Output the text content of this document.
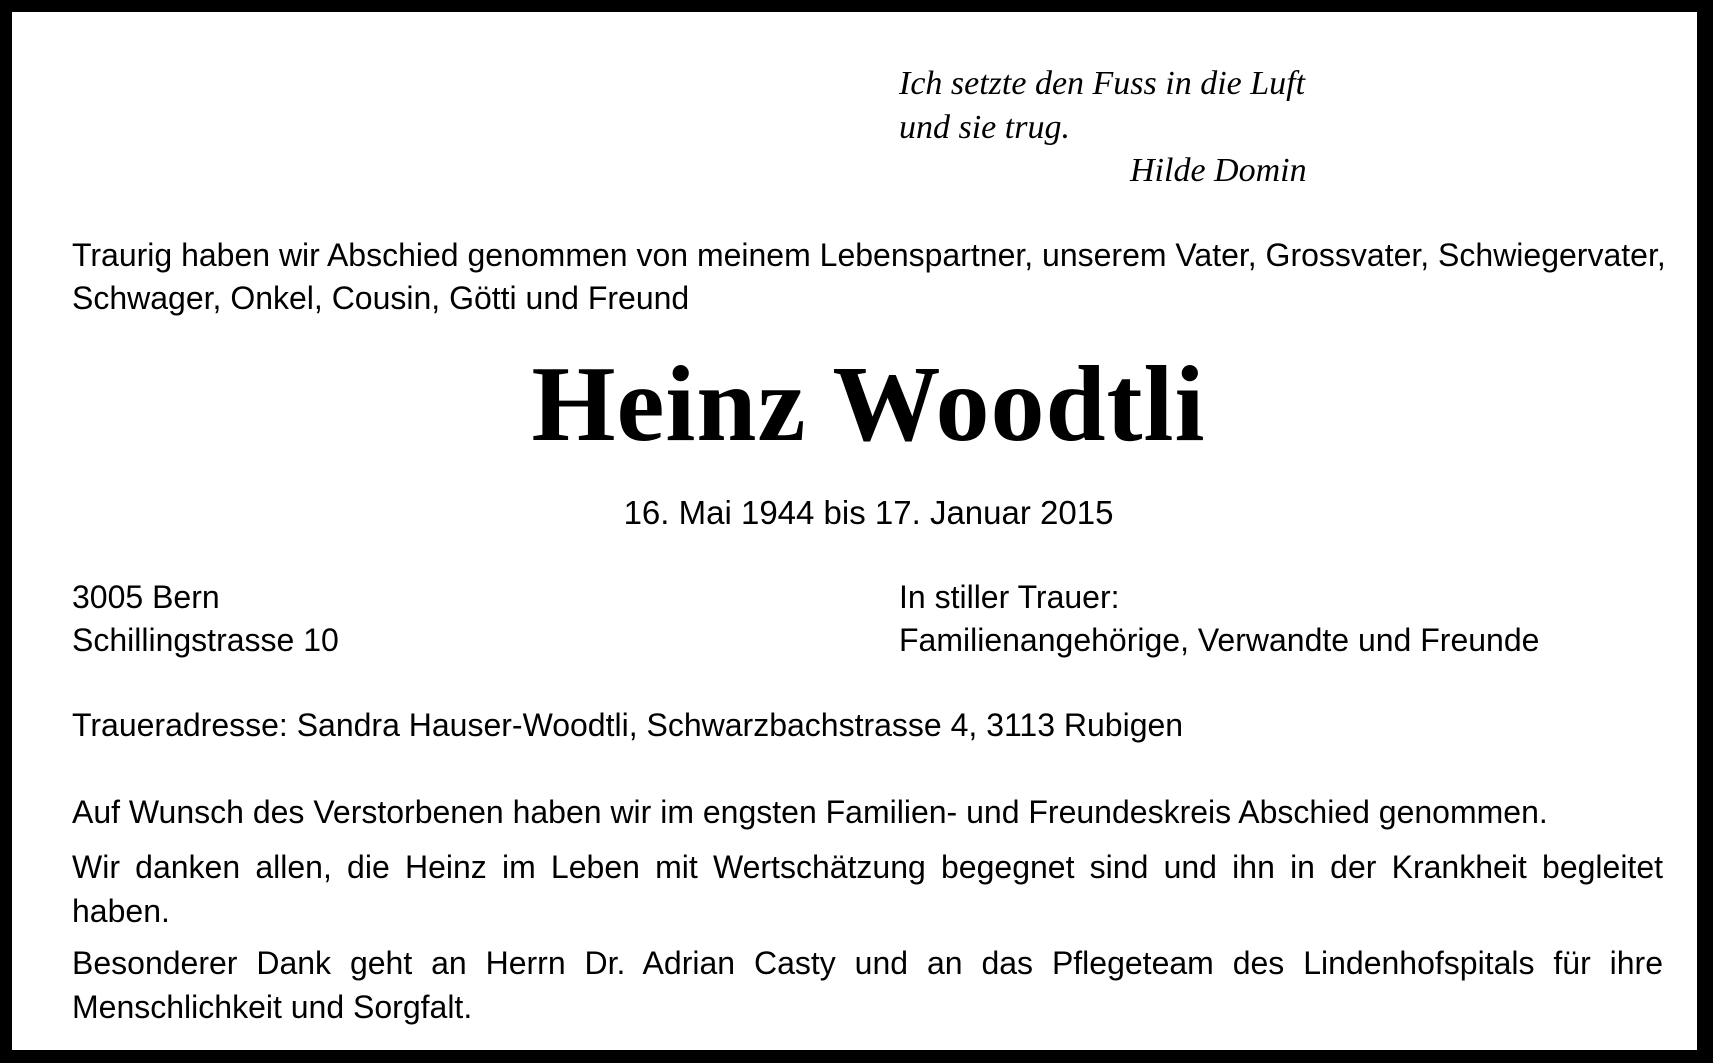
Ich setzte den Fuss in die Luft

und sie trug.

Hilde Domin

Traurig haben wir Abschied genommen von meinem Lebenspartner, unserem Vater, Grossvater, Schwiegervater,

Schwager, Onkel, Cousin, Götti und Freund

Heinz Woodtli

16. Mai 1944 bis 17. Januar 2015

3005 Bern

Schillingstrasse 10

In stiller Trauer:

Familienangehörige, Verwandte und Freunde

Traueradresse: Sandra Hauser-Woodtli, Schwarzbachstrasse 4, 3113 Rubigen

Auf Wunsch des Verstorbenen haben wir im engsten Familien- und Freundeskreis Abschied genommen.

Wir danken allen, die Heinz im Leben mit Wertschätzung begegnet sind und ihn in der Krankheit begleitet haben.

Besonderer Dank geht an Herrn Dr. Adrian Casty und an das Pflegeteam des Lindenhofspitals für ihre Menschlichkeit und Sorgfalt.
